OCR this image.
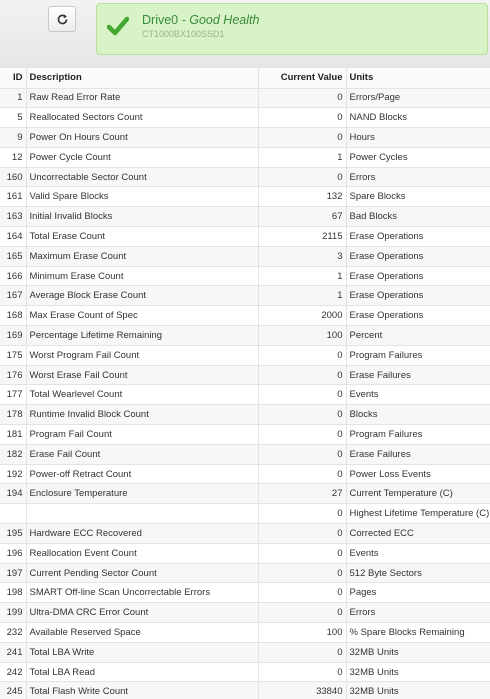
Drive0 - Good Health
CT1000BX100SSD1
ID	Description	Current Value	Units
1	Raw Read Error Rate	0	Errors/Page
5	Reallocated Sectors Count	0	NAND Blocks
9	Power On Hours Count	0	Hours
12	Power Cycle Count	1	Power Cycles
160	Uncorrectable Sector Count	0	Errors
161	Valid Spare Blocks	132	Spare Blocks
163	Initial Invalid Blocks	67	Bad Blocks
164	Total Erase Count	2115	Erase Operations
165	Maximum Erase Count	3	Erase Operations
166	Minimum Erase Count	1	Erase Operations
167	Average Block Erase Count	1	Erase Operations
168	Max Erase Count of Spec	2000	Erase Operations
169	Percentage Lifetime Remaining	100	Percent
175	Worst Program Fail Count	0	Program Failures
176	Worst Erase Fail Count	0	Erase Failures
177	Total Wearlevel Count	0	Events
178	Runtime Invalid Block Count	0	Blocks
181	Program Fail Count	0	Program Failures
182	Erase Fail Count	0	Erase Failures
192	Power-off Retract Count	0	Power Loss Events
194	Enclosure Temperature	27	Current Temperature (C)
		0	Highest Lifetime Temperature (C)
195	Hardware ECC Recovered	0	Corrected ECC
196	Reallocation Event Count	0	Events
197	Current Pending Sector Count	0	512 Byte Sectors
198	SMART Off-line Scan Uncorrectable Errors	0	Pages
199	Ultra-DMA CRC Error Count	0	Errors
232	Available Reserved Space	100	% Spare Blocks Remaining
241	Total LBA Write	0	32MB Units
242	Total LBA Read	0	32MB Units
245	Total Flash Write Count	33840	32MB Units
